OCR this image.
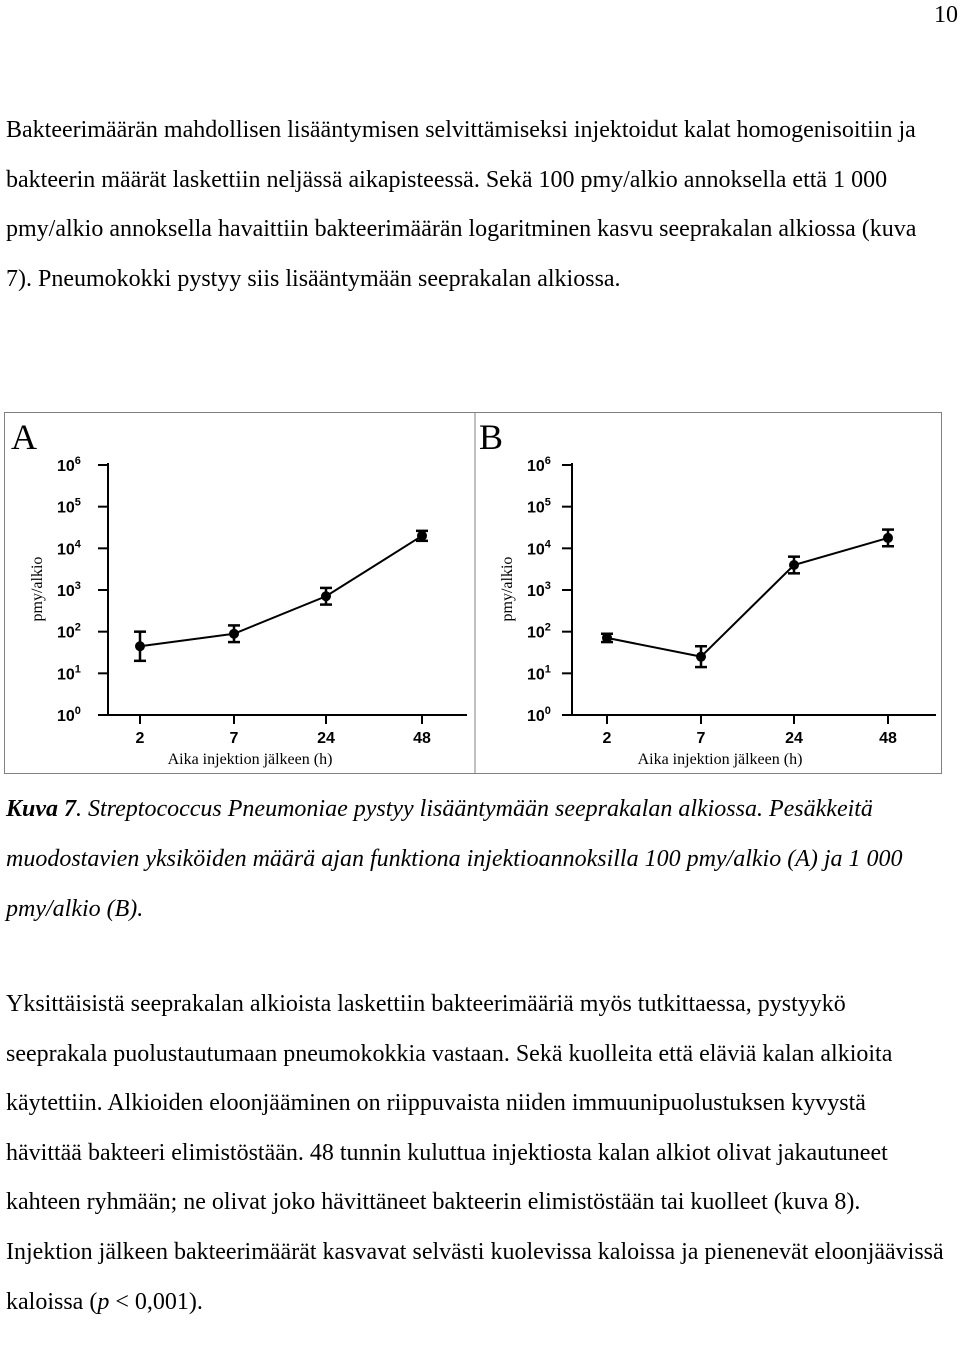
10

Bakteerimäärän mahdollisen lisääntymisen selvittämiseksi injektoidut kalat homogenisoitiin ja bakteerin määrät laskettiin neljässä aikapisteessä. Sekä 100 pmy/alkio annoksella että 1 000 pmy/alkio annoksella havaittiin bakteerimäärän logaritminen kasvu seeprakalan alkiossa (kuva 7). Pneumokokki pystyy siis lisääntymään seeprakalan alkiossa.

A
$10^0$
$10^1$
$10^2$
$10^3$
$10^4$
$10^5$
$10^6$
2	7	24	48
Aika injektion jälkeen (h)
pmy/alkio
B
$10^0$
$10^1$
$10^2$
$10^3$
$10^4$
$10^5$
$10^6$
2	7	24	48
Aika injektion jälkeen (h)
pmy/alkio

Kuva 7. Streptococcus Pneumoniae pystyy lisääntymään seeprakalan alkiossa. Pesäkkeitä muodostavien yksiköiden määrä ajan funktiona injektioannoksilla 100 pmy/alkio (A) ja 1 000 pmy/alkio (B).

Yksittäisistä seeprakalan alkioista laskettiin bakteerimääriä myös tutkittaessa, pystyykö seeprakala puolustautumaan pneumokokkia vastaan. Sekä kuolleita että eläviä kalan alkioita käytettiin. Alkioiden eloonjääminen on riippuvaista niiden immuunipuolustuksen kyvystä hävittää bakteeri elimistöstään. 48 tunnin kuluttua injektiosta kalan alkiot olivat jakautuneet kahteen ryhmään; ne olivat joko hävittäneet bakteerin elimistöstään tai kuolleet (kuva 8). Injektion jälkeen bakteerimäärät kasvavat selvästi kuolevissa kaloissa ja pienenevät eloonjäävissä kaloissa (p < 0,001).
